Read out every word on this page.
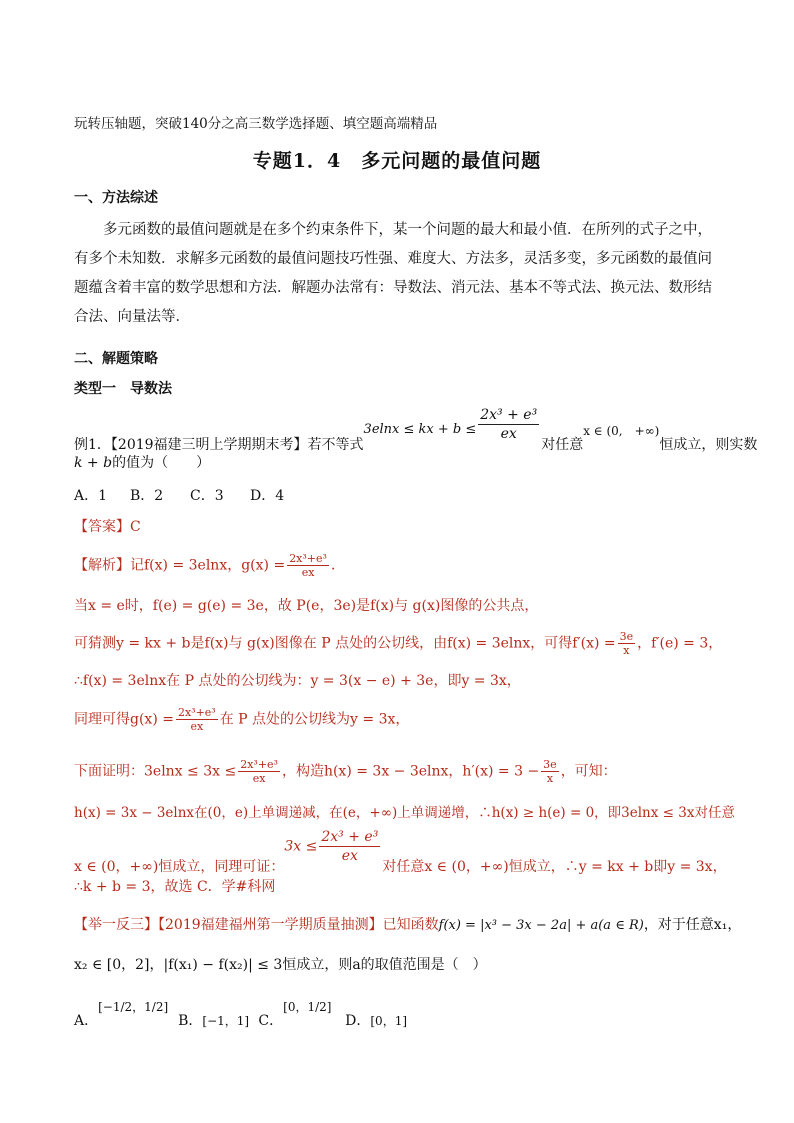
玩转压轴题，突破140分之高三数学选择题、填空题高端精品
专题1．4　多元问题的最值问题
一、方法综述
多元函数的最值问题就是在多个约束条件下，某一个问题的最大和最小值．在所列的式子之中，有多个未知数．求解多元函数的最值问题技巧性强、难度大、方法多，灵活多变，多元函数的最值问题蕴含着丰富的数学思想和方法．解题办法常有：导数法、消元法、基本不等式法、换元法、数形结合法、向量法等．
二、解题策略
类型一　导数法
例1．【2019福建三明上学期期末考】若不等式3elnx ≤ kx + $b \le \frac{\text{2x³ + e³}}{ex}$
对任意x ∈ (0,　+∞)恒成立，则实数
k + b的值为（　　）
A．1 B．2 C．3 D．4
【答案】C
【解析】记f(x) = 3elnx，$g(x) = \frac{\text{2x³+e³}}{ex}$ ．
当x = e时，f(e) = g(e) = 3e，故 P(e，3e)是f(x)与 g(x)图像的公共点，
可猜测y = kx + b是f(x)与 g(x)图像在 P 点处的公切线，由f(x) = 3elnx，可得$f'(x) = \frac{3e}{x}$ ，f′(e) = 3，
∴f(x) = 3elnx在 P 点处的公切线为：y = 3(x − e) + 3e，即y = 3x，
同理可得$g(x) = \frac{\text{2x³+e³}}{ex}$ 在 P 点处的公切线为y = 3x，
下面证明：$3elnx \le 3x \le \frac{\text{2x³+e³}}{ex}$ ，构造h(x) = 3x − 3elnx，$h'(x) = 3 - \frac{3e}{x}$ ，可知：
h(x) = 3x − 3elnx在(0，e)上单调递减，在(e，+∞)上单调递增，∴h(x) ≥ h(e) = 0，即3elnx ≤ 3x对任意
x ∈ (0，+∞)恒成立，同理可证：$3x \le \frac{\text{2x³ + e³}}{ex}$
对任意x ∈ (0，+∞)恒成立，∴y = kx + b即y = 3x，
∴k + b = 3，故选 C．学#科网
【举一反三】【2019福建福州第一学期质量抽测】已知函数f(x) = |x³ − 3x − 2a| + a(a ∈ R)，对于任意x₁，
x₂ ∈ [0，2]，|f(x₁) − f(x₂)| ≤ 3恒成立，则a的取值范围是（　）
A．[−1/2，1/2]B．[−1，1] C．[0，1/2]D．[0，1]
